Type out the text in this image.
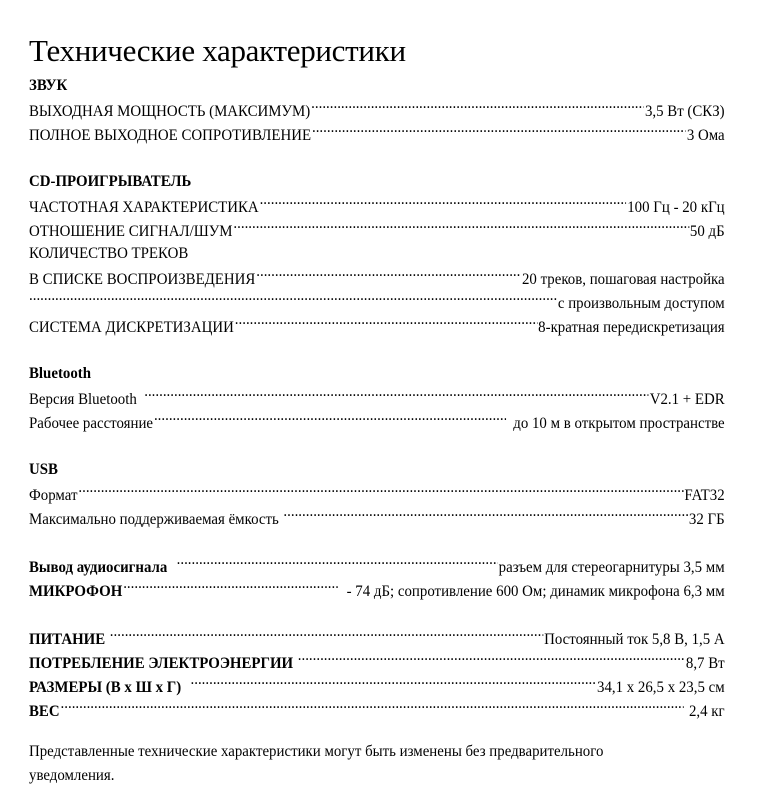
Технические характеристики
ЗВУК
ВЫХОДНАЯ МОЩНОСТЬ (МАКСИМУМ) .....	3,5 Вт (СКЗ)
ПОЛНОЕ ВЫХОДНОЕ СОПРОТИВЛЕНИЕ .....	3 Ома
CD-ПРОИГРЫВАТЕЛЬ
ЧАСТОТНАЯ ХАРАКТЕРИСТИКА .....	100 Гц - 20 кГц
ОТНОШЕНИЕ СИГНАЛ/ШУМ .....	50 дБ
КОЛИЧЕСТВО ТРЕКОВ
В СПИСКЕ ВОСПРОИЗВЕДЕНИЯ .....	20 треков, пошаговая настройка
.....
с произвольным доступом
СИСТЕМА ДИСКРЕТИЗАЦИИ .....	8-кратная передискретизация
Bluetooth
Версия Bluetooth .....	V2.1 + EDR
Рабочее расстояние .....	до 10 м в открытом пространстве
USB
Формат .....	FAT32
Максимально поддерживаемая ёмкость .....	32 ГБ
Вывод аудиосигнала .....	разъем для стереогарнитуры 3,5 мм
МИКРОФОН .....	- 74 дБ; сопротивление 600 Ом; динамик микрофона 6,3 мм
ПИТАНИЕ .....	Постоянный ток 5,8 В, 1,5 А
ПОТРЕБЛЕНИЕ ЭЛЕКТРОЭНЕРГИИ .....	8,7 Вт
РАЗМЕРЫ (В x Ш x Г) .....	34,1 x 26,5 x 23,5 см
ВЕС .....	2,4 кг
Представленные технические характеристики могут быть изменены без предварительного уведомления.
